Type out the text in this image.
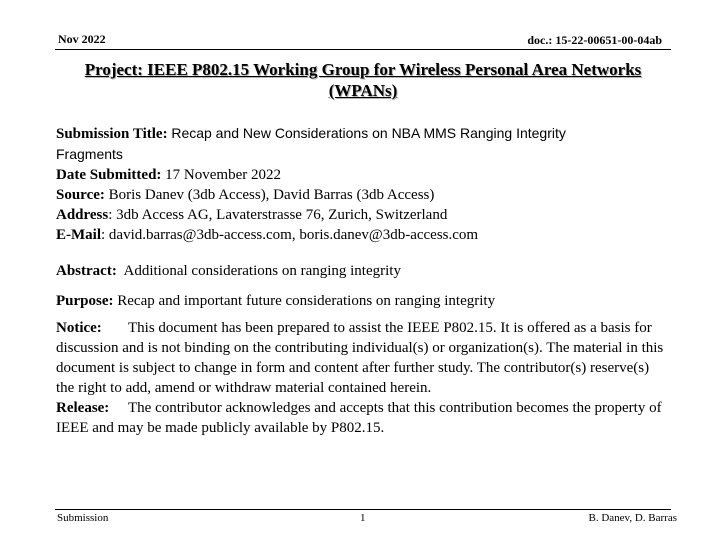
Nov 2022	doc.: 15-22-00651-00-04ab
Project: IEEE P802.15 Working Group for Wireless Personal Area Networks
(WPANs)
Submission Title: Recap and New Considerations on NBA MMS Ranging Integrity
Fragments
Date Submitted: 17 November 2022
Source: Boris Danev (3db Access), David Barras (3db Access)
Address: 3db Access AG, Lavaterstrasse 76, Zurich, Switzerland
E-Mail: david.barras@3db-access.com, boris.danev@3db-access.com
Abstract: Additional considerations on ranging integrity
Purpose: Recap and important future considerations on ranging integrity
Notice: This document has been prepared to assist the IEEE P802.15. It is offered as a basis for discussion and is not binding on the contributing individual(s) or organization(s). The material in this document is subject to change in form and content after further study. The contributor(s) reserve(s) the right to add, amend or withdraw material contained herein.
Release: The contributor acknowledges and accepts that this contribution becomes the property of IEEE and may be made publicly available by P802.15.
Submission	1	B. Danev, D. Barras
